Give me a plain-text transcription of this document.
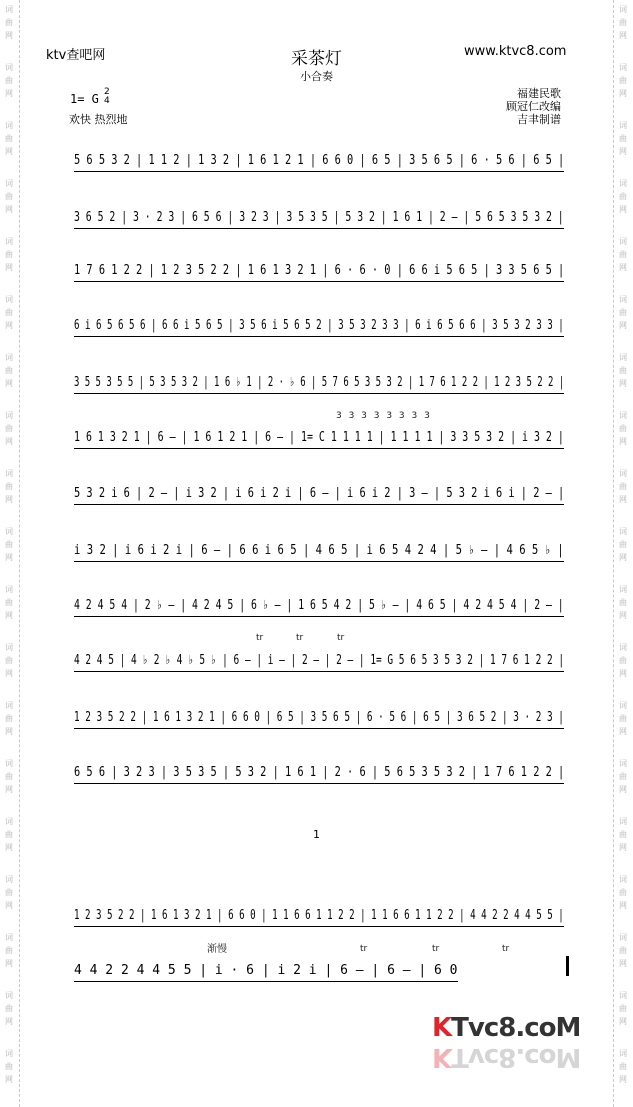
词
曲
网
词
曲
网
词
曲
网
词
曲
网
词
曲
网
词
曲
网
词
曲
网
词
曲
网
词
曲
网
词
曲
网
词
曲
网
词
曲
网
词
曲
网
词
曲
网
词
曲
网
词
曲
网
词
曲
网
词
曲
网
词
曲
网
词
曲
网
词
曲
网
词
曲
网
词
曲
网
词
曲
网
词
曲
网
词
曲
网
词
曲
网
词
曲
网
词
曲
网
词
曲
网
词
曲
网
词
曲
网
词
曲
网
词
曲
网
词
曲
网
词
曲
网
词
曲
网
词
曲
网
ktv查吧网	采茶灯
小合奏
www.ktvc8.com
1= G 2
4
欢快 热烈地
福建民歌
顾冠仁改编
吉聿制谱
5 6 5 3 2 | 1 1 2 | 1 3 2 | 1 6 1 2 1 | 6 6 0 | 6 5 | 3 5 6 5 | 6 · 5 6 | 6 5 |
3 6 5 2 | 3 · 2 3 | 6 5 6 | 3 2 3 | 3 5 3 5 | 5 3 2 | 1 6 1 | 2 — | 5 6 5 3 5 3 2 |
1 7 6 1 2 2 | 1 2 3 5 2 2 | 1 6 1 3 2 1 | 6 · 6 · 0 | 6 6 i 5 6 5 | 3 3 5 6 5 |
6 i 6 5 6 5 6 | 6 6 i 5 6 5 | 3 5 6 i 5 6 5 2 | 3 5 3 2 3 3 | 6 i 6 5 6 6 | 3 5 3 2 3 3 |
3 5 5 3 5 5 | 5 3 5 3 2 | 1 6 ♭ 1 | 2 · ♭ 6 | 5 7 6 5 3 5 3 2 | 1 7 6 1 2 2 | 1 2 3 5 2 2 |
1 6 1 3 2 1 | 6 — | 1 6 1 2 1 | 6 — | 1= C 1 1 1 1 | 1 1 1 1 | 3 3 5 3 2 | i 3 2 |
5 3 2 i 6 | 2 — | i 3 2 | i 6 i 2 i | 6 — | i 6 i 2 | 3 — | 5 3 2 i 6 i | 2 — |
i 3 2 | i 6 i 2 i | 6 — | 6 6 i 6 5 | 4 6 5 | i 6 5 4 2 4 | 5 ♭ — | 4 6 5 ♭ |
4 2 4 5 4 | 2 ♭ — | 4 2 4 5 | 6 ♭ — | 1 6 5 4 2 | 5 ♭ — | 4 6 5 | 4 2 4 5 4 | 2 — |
4 2 4 5 | 4 ♭ 2 ♭ 4 ♭ 5 ♭ | 6 — | i — | 2 — | 2 — | 1= G 5 6 5 3 5 3 2 | 1 7 6 1 2 2 |
1 2 3 5 2 2 | 1 6 1 3 2 1 | 6 6 0 | 6 5 | 3 5 6 5 | 6 · 5 6 | 6 5 | 3 6 5 2 | 3 · 2 3 |
6 5 6 | 3 2 3 | 3 5 3 5 | 5 3 2 | 1 6 1 | 2 · 6 | 5 6 5 3 5 3 2 | 1 7 6 1 2 2 |
1 2 3 5 2 2 | 1 6 1 3 2 1 | 6 6 0 | 1 1 6 6 1 1 2 2 | 1 1 6 6 1 1 2 2 | 4 4 2 2 4 4 5 5 |
4 4 2 2 4 4 5 5 | i · 6 | i 2 i | 6 — | 6 — | 6 0
3 3 3 3 3 3 3 3
tr	tr	tr
渐慢	tr	tr	tr
1
KTvc8.coM
KTvc8.coM
